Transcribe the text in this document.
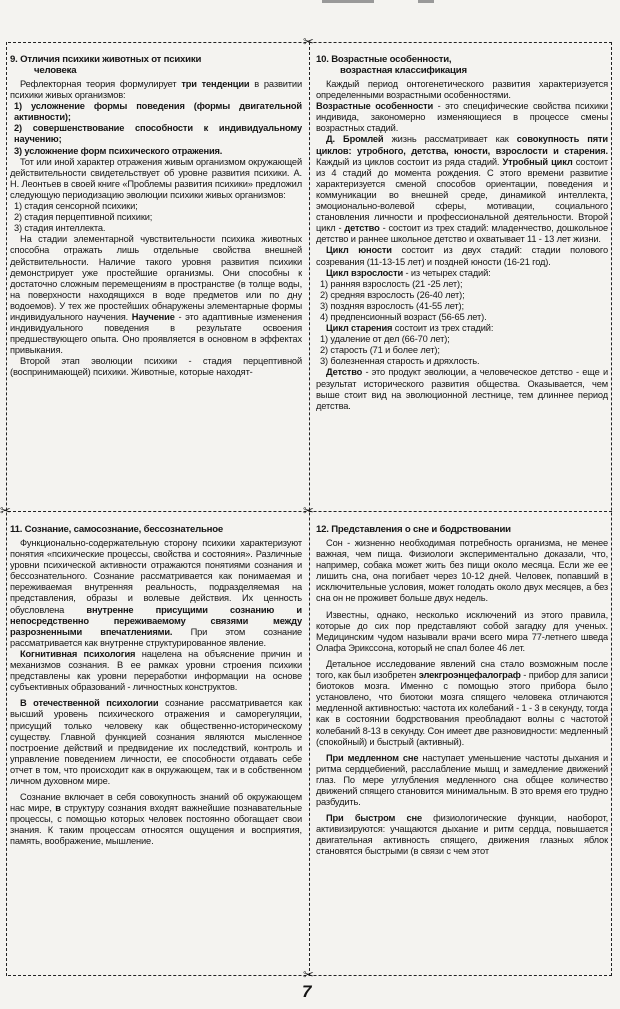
✂
✂	✂
✂
9. Отличия психики животных от психики
человека

Рефлекторная теория формулирует три тенденции в развитии психики живых организмов:

1) усложнение формы поведения (формы двигательной активности);

2) совершенствование способности к индивидуальному научению;

3) усложнение форм психического отражения.

Тот или иной характер отражения живым организмом окружающей действительности свидетельствует об уровне развития психики. А. Н. Леонтьев в своей книге «Проблемы развития психики» предложил следующую периодизацию эволюции психики живых организмов:

1) стадия сенсорной психики;

2) стадия перцептивной психики;

3) стадия интеллекта.

На стадии элементарной чувствительности психика животных способна отражать лишь отдельные свойства внешней действительности. Наличие такого уровня развития психики демонстрирует уже простейшие организмы. Они способны к достаточно сложным перемещениям в пространстве (в толще воды, на поверхности находящихся в воде предметов или по дну водоемов). У тех же простейших обнаружены элементарные формы индивидуального научения. Научение - это адаптивные изменения индивидуального поведения в результате освоения предшествующего опыта. Оно проявляется в основном в эффектах привыкания.

Второй этап эволюции психики - стадия перцептивной (воспринимающей) психики. Животные, которые находят-

10. Возрастные особенности,
возрастная классификация

Каждый период онтогенетического развития характеризуется определенными возрастными особенностями.

Возрастные особенности - это специфические свойства психики индивида, закономерно изменяющиеся в процессе смены возрастных стадий.

Д. Бромлей жизнь рассматривает как совокупность пяти циклов: утробного, детства, юности, взрослости и старения. Каждый из циклов состоит из ряда стадий. Утробный цикл состоит из 4 стадий до момента рождения. С этого времени развитие характеризуется сменой способов ориентации, поведения и коммуникации во внешней среде, динамикой интеллекта, эмоционально-волевой сферы, мотивации, социального становления личности и профессиональной деятельности. Второй цикл - детство - состоит из трех стадий: младенчество, дошкольное детство и раннее школьное детство и охватывает 11 - 13 лет жизни.

Цикл юности состоит из двух стадий: стадии полового созревания (11-13-15 лет) и поздней юности (16-21 год).

Цикл взрослости - из четырех стадий:

1) ранняя взрослость (21 -25 лет);

2) средняя взрослость (26-40 лет);

3) поздняя взрослость (41-55 лет);

4) предпенсионный возраст (56-65 лет).

Цикл старения состоит из трех стадий:

1) удаление от дел (66-70 лет);

2) старость (71 и более лет);

3) болезненная старость и дряхлость.

Детство - это продукт эволюции, а человеческое детство - еще и результат исторического развития общества. Оказывается, чем выше стоит вид на эволюционной лестнице, тем длиннее период детства.

11. Сознание, самосознание, бессознательное

Функционально-содержательную сторону психики характеризуют понятия «психические процессы, свойства и состояния». Различные уровни психической активности отражаются понятиями сознания и бессознательного. Сознание рассматривается как понимаемая и переживаемая внутренняя реальность, подразделяемая на представления, образы и волевые действия. Их ценность обусловлена внутренне присущими сознанию и непосредственно переживаемому связями между разрозненными впечатлениями. При этом сознание рассматривается как внутренне структурированное явление.

Когнитивная психология нацелена на объяснение причин и механизмов сознания. В ее рамках уровни строения психики представлены как уровни переработки информации на основе субъективных образований - личностных конструктов.

В отечественной психологии сознание рассматривается как высший уровень психического отражения и саморегуляции, присущий только человеку как общественно-историческому существу. Главной функцией сознания являются мысленное построение действий и предвидение их последствий, контроль и управление поведением личности, ее способности отдавать себе отчет в том, что происходит как в окружающем, так и в собственном личном духовном мире.

Сознание включает в себя совокупность знаний об окружающем нас мире, в структуру сознания входят важнейшие познавательные процессы, с помощью которых человек постоянно обогащает свои знания. К таким процессам относятся ощущения и восприятия, память, воображение, мышление.

12. Представления о сне и бодрствовании

Сон - жизненно необходимая потребность организма, не менее важная, чем пища. Физиологи экспериментально доказали, что, например, собака может жить без пищи около месяца. Если же ее лишить сна, она погибает через 10-12 дней. Человек, попавший в исключительные условия, может голодать около двух месяцев, а без сна он не проживет больше двух недель.

Известны, однако, несколько исключений из этого правила, которые до сих пор представляют собой загадку для ученых. Медицинским чудом называли врачи всего мира 77-летнего шведа Олафа Эрикссона, который не спал более 46 лет.

Детальное исследование явлений сна стало возможным после того, как был изобретен элекгроэнцефалограф - прибор для записи биотоков мозга. Именно с помощью этого прибора было установлено, что биотоки мозга спящего человека отличаются медленной активностью: частота их колебаний - 1 - 3 в секунду, тогда как в состоянии бодрствования преобладают волны с частотой колебаний 8-13 в секунду. Сон имеет две разновидности: медленный (спокойный) и быстрый (активный).

При медленном сне наступает уменьшение частоты дыхания и ритма сердцебиений, расслабление мышц и замедление движений глаз. По мере углубления медленного сна общее количество движений спящего становится минимальным. В это время его трудно разбудить.

При быстром сне физиологические функции, наоборот, активизируются: учащаются дыхание и ритм сердца, повышается двигательная активность спящего, движения глазных яблок становятся быстрыми (в связи с чем этот

7
